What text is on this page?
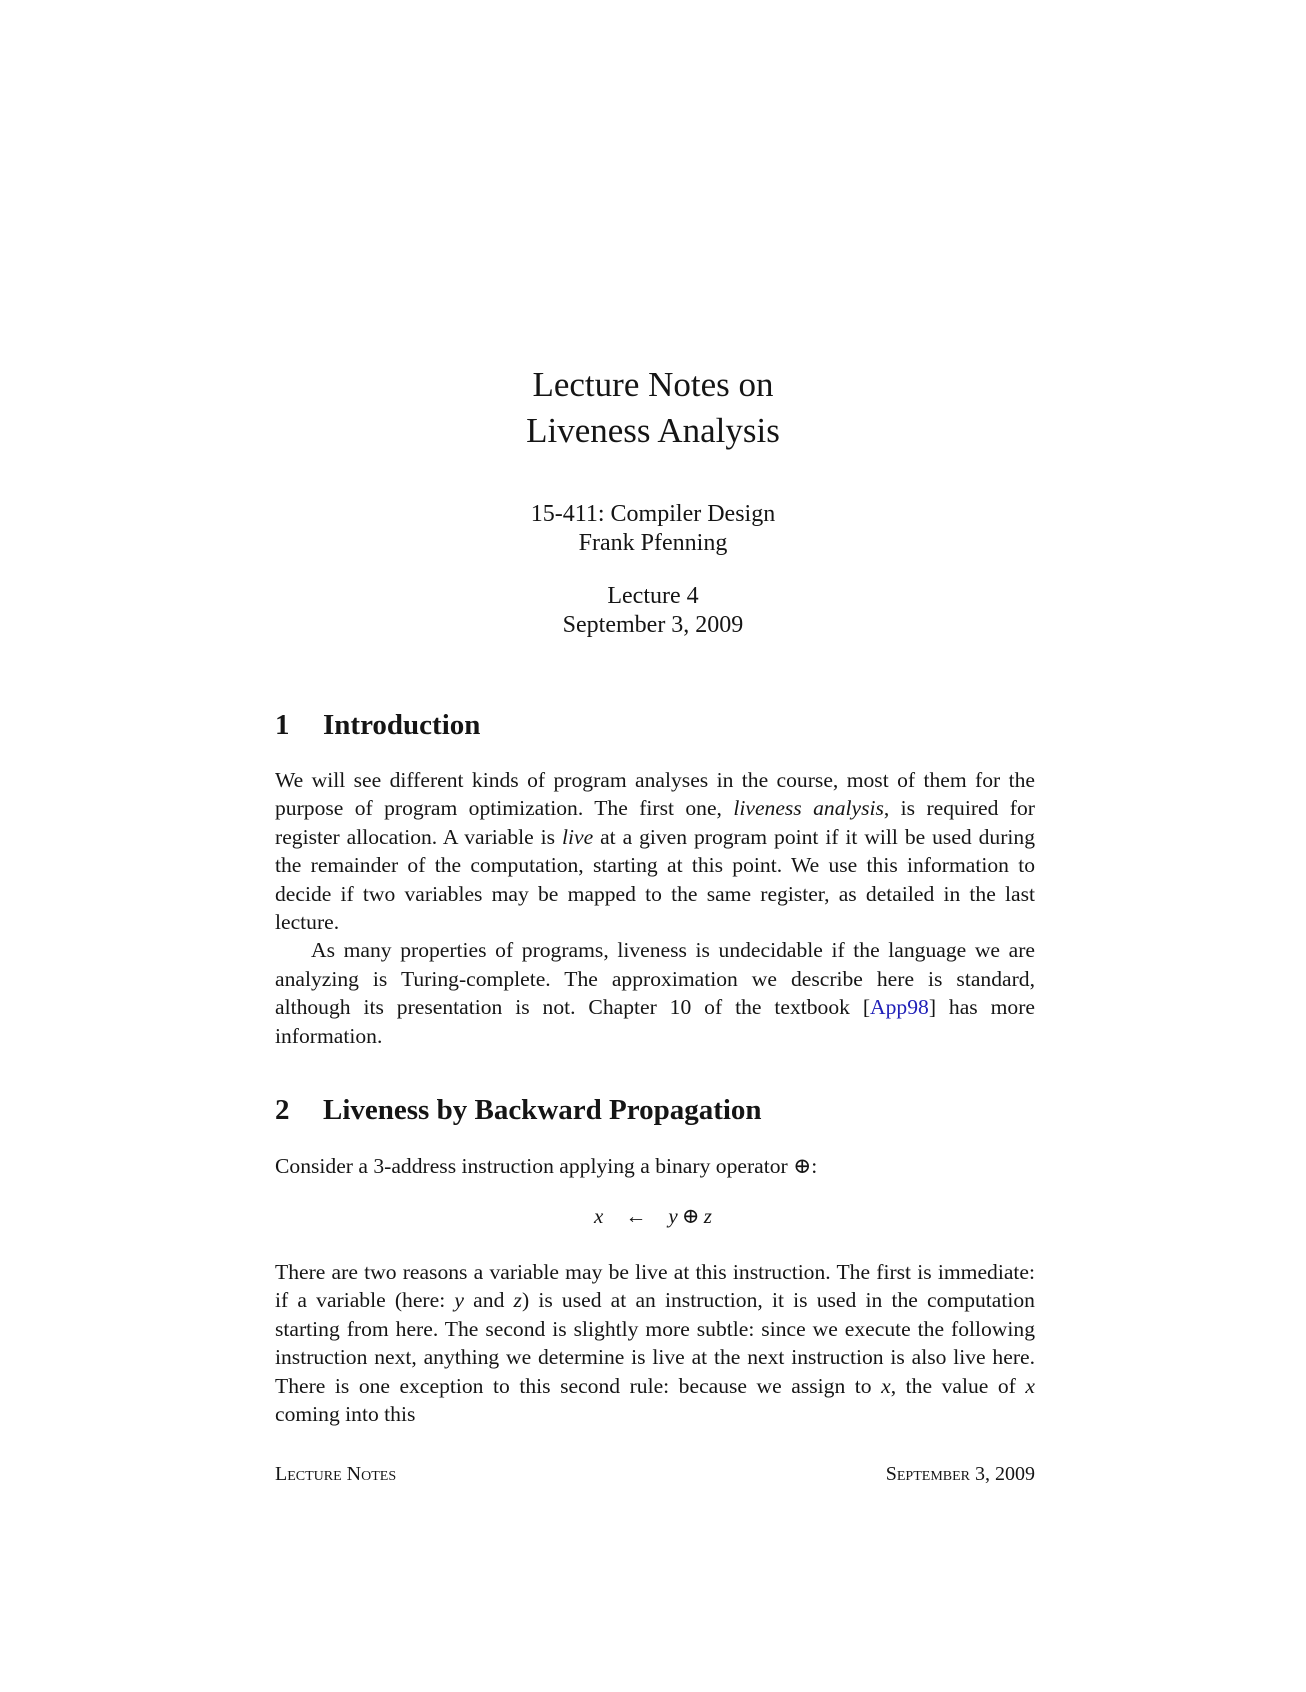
Lecture Notes on
Liveness Analysis
15-411: Compiler Design
Frank Pfenning
Lecture 4
September 3, 2009
1 Introduction

We will see different kinds of program analyses in the course, most of them for the purpose of program optimization. The first one, liveness analysis, is required for register allocation. A variable is live at a given program point if it will be used during the remainder of the computation, starting at this point. We use this information to decide if two variables may be mapped to the same register, as detailed in the last lecture.

As many properties of programs, liveness is undecidable if the language we are analyzing is Turing-complete. The approximation we describe here is standard, although its presentation is not. Chapter 10 of the textbook [App98] has more information.

2 Liveness by Backward Propagation

Consider a 3-address instruction applying a binary operator ⊕:

x ← y  ⊕  z

There are two reasons a variable may be live at this instruction. The first is immediate: if a variable (here: y and z) is used at an instruction, it is used in the computation starting from here. The second is slightly more subtle: since we execute the following instruction next, anything we determine is live at the next instruction is also live here. There is one exception to this second rule: because we assign to x, the value of x coming into this

Lecture Notes	September 3, 2009
